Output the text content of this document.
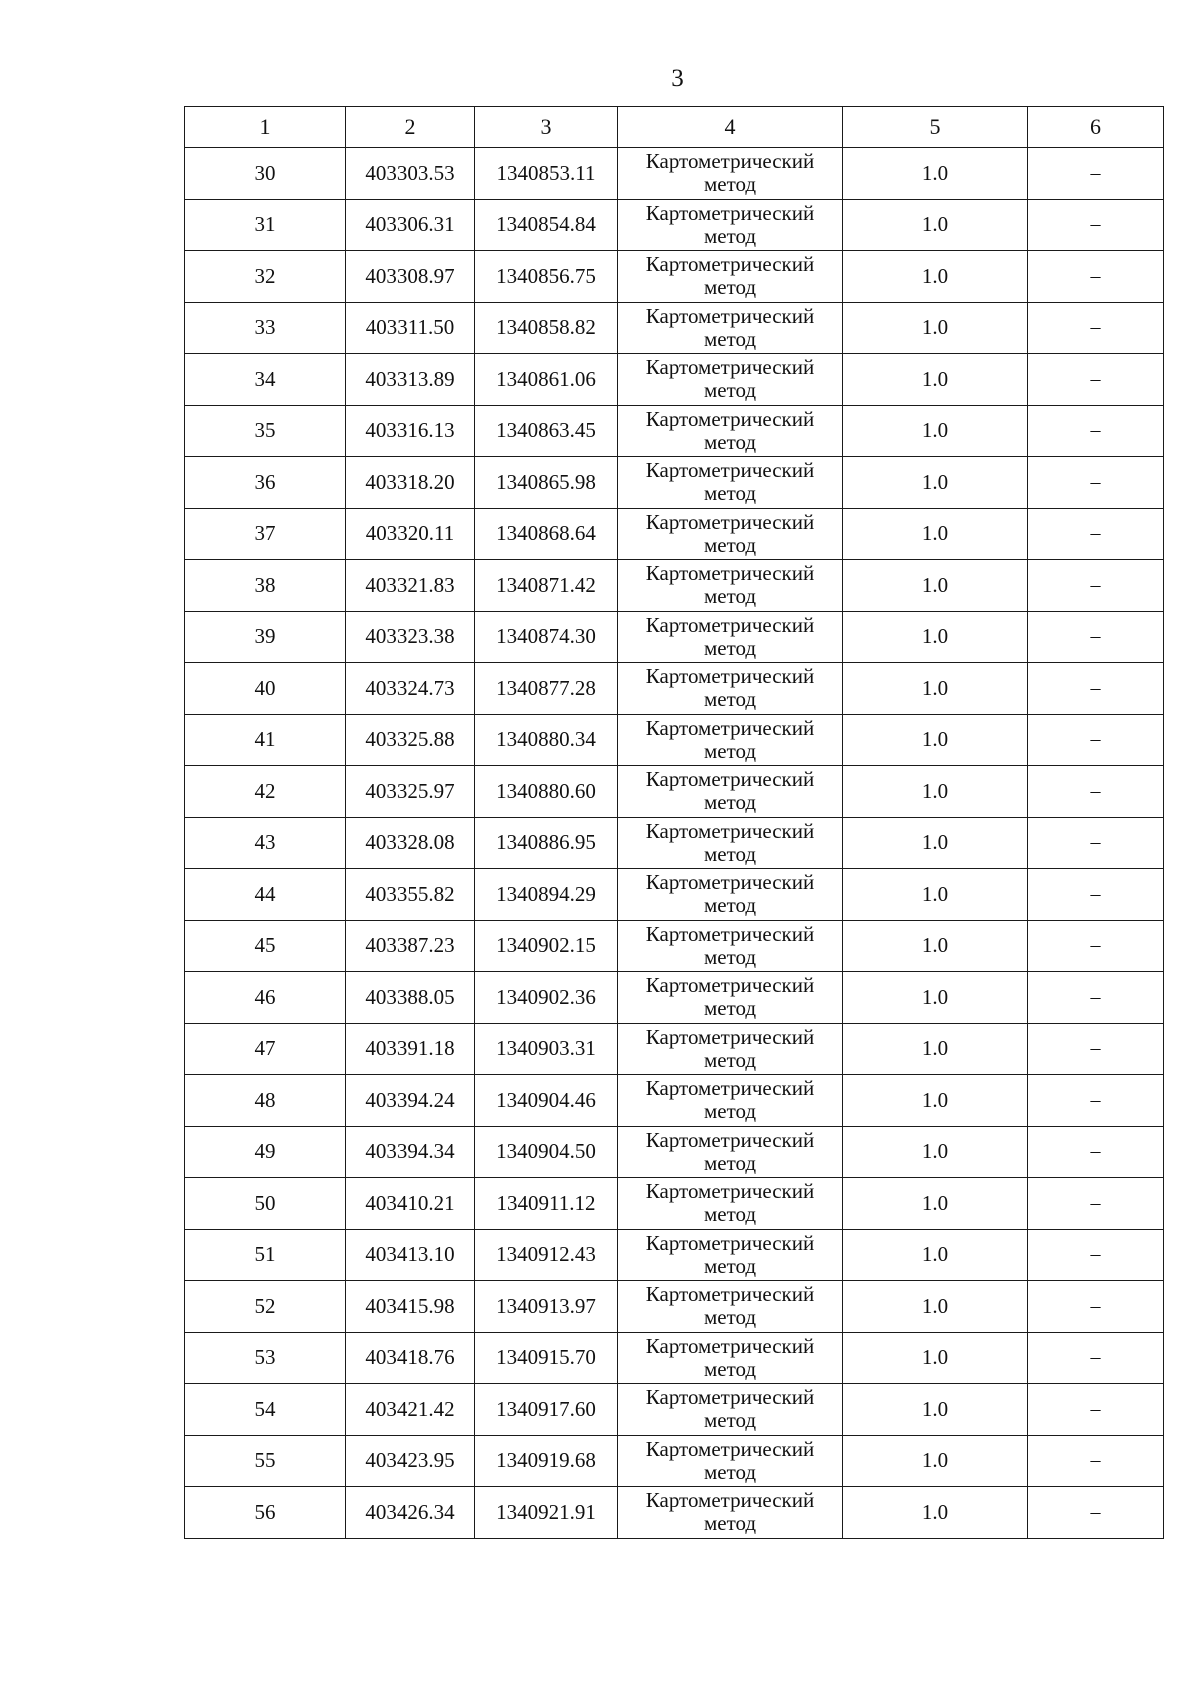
3
1	2	3	4	5	6
30	403303.53	1340853.11	Картометрический
метод	1.0	–
31	403306.31	1340854.84	Картометрический
метод	1.0	–
32	403308.97	1340856.75	Картометрический
метод	1.0	–
33	403311.50	1340858.82	Картометрический
метод	1.0	–
34	403313.89	1340861.06	Картометрический
метод	1.0	–
35	403316.13	1340863.45	Картометрический
метод	1.0	–
36	403318.20	1340865.98	Картометрический
метод	1.0	–
37	403320.11	1340868.64	Картометрический
метод	1.0	–
38	403321.83	1340871.42	Картометрический
метод	1.0	–
39	403323.38	1340874.30	Картометрический
метод	1.0	–
40	403324.73	1340877.28	Картометрический
метод	1.0	–
41	403325.88	1340880.34	Картометрический
метод	1.0	–
42	403325.97	1340880.60	Картометрический
метод	1.0	–
43	403328.08	1340886.95	Картометрический
метод	1.0	–
44	403355.82	1340894.29	Картометрический
метод	1.0	–
45	403387.23	1340902.15	Картометрический
метод	1.0	–
46	403388.05	1340902.36	Картометрический
метод	1.0	–
47	403391.18	1340903.31	Картометрический
метод	1.0	–
48	403394.24	1340904.46	Картометрический
метод	1.0	–
49	403394.34	1340904.50	Картометрический
метод	1.0	–
50	403410.21	1340911.12	Картометрический
метод	1.0	–
51	403413.10	1340912.43	Картометрический
метод	1.0	–
52	403415.98	1340913.97	Картометрический
метод	1.0	–
53	403418.76	1340915.70	Картометрический
метод	1.0	–
54	403421.42	1340917.60	Картометрический
метод	1.0	–
55	403423.95	1340919.68	Картометрический
метод	1.0	–
56	403426.34	1340921.91	Картометрический
метод	1.0	–
